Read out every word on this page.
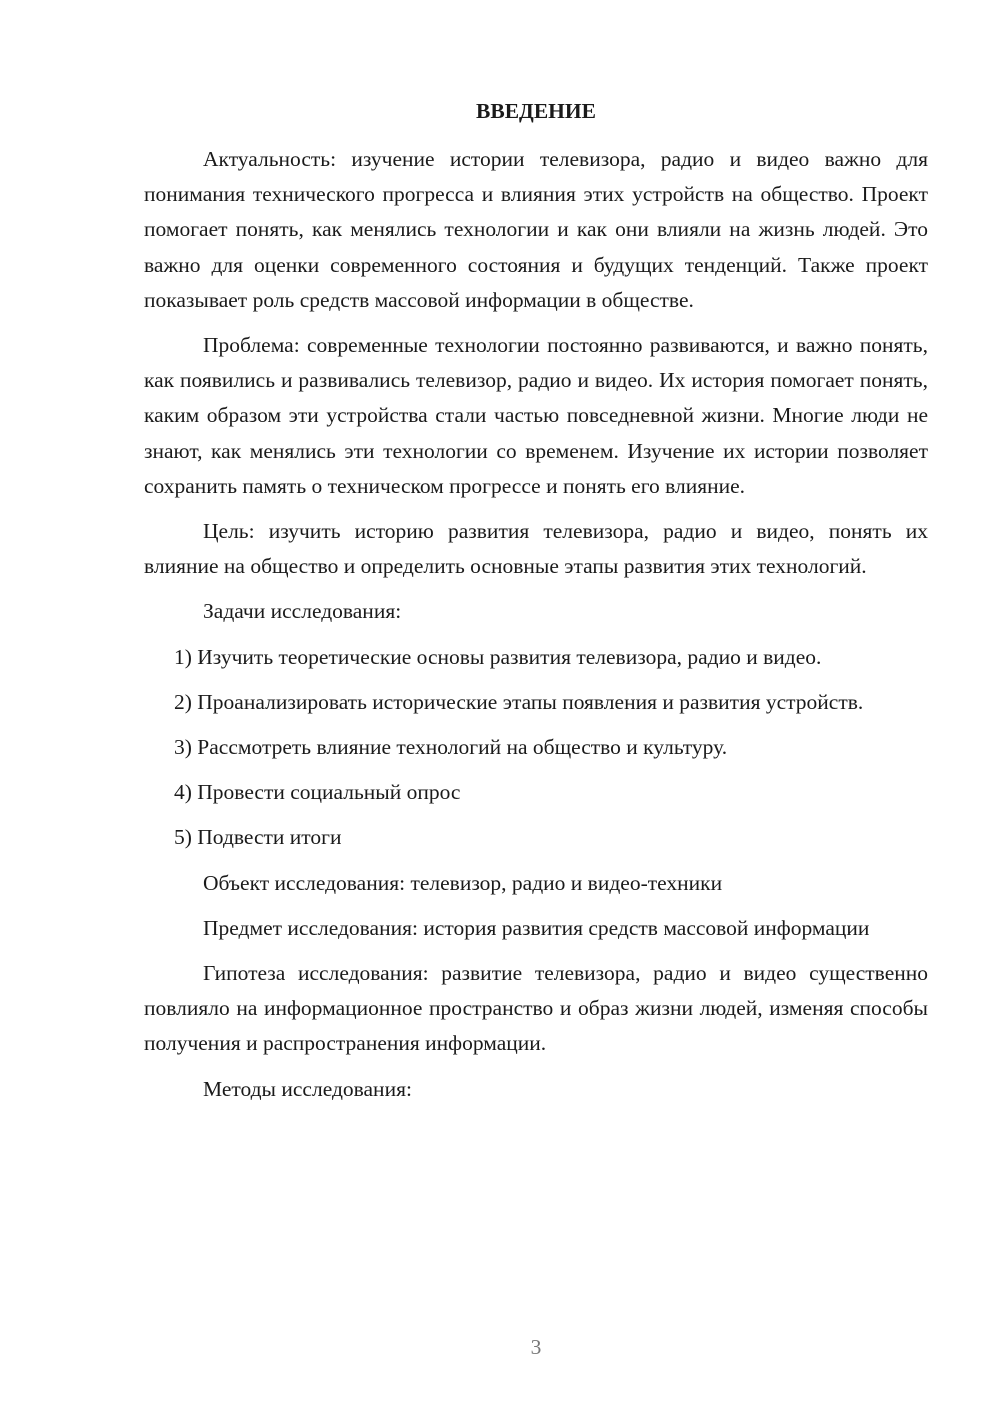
ВВЕДЕНИЕ

Актуальность: изучение истории телевизора, радио и видео важно для понимания технического прогресса и влияния этих устройств на общество. Проект помогает понять, как менялись технологии и как они влияли на жизнь людей. Это важно для оценки современного состояния и будущих тенденций. Также проект показывает роль средств массовой информации в обществе.

Проблема: современные технологии постоянно развиваются, и важно понять, как появились и развивались телевизор, радио и видео. Их история помогает понять, каким образом эти устройства стали частью повседневной жизни. Многие люди не знают, как менялись эти технологии со временем. Изучение их истории позволяет сохранить память о техническом прогрессе и понять его влияние.

Цель: изучить историю развития телевизора, радио и видео, понять их влияние на общество и определить основные этапы развития этих технологий.

Задачи исследования:

1) Изучить теоретические основы развития телевизора, радио и видео.

2) Проанализировать исторические этапы появления и развития устройств.

3) Рассмотреть влияние технологий на общество и культуру.

4) Провести социальный опрос

5) Подвести итоги

Объект исследования: телевизор, радио и видео-техники

Предмет исследования: история развития средств массовой информации

Гипотеза исследования: развитие телевизора, радио и видео существенно повлияло на информационное пространство и образ жизни людей, изменяя способы получения и распространения информации.

Методы исследования:

3
